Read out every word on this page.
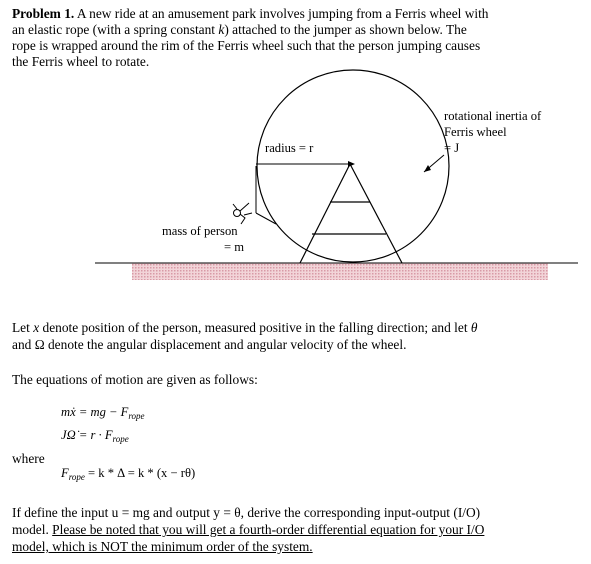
Problem 1. A new ride at an amusement park involves jumping from a Ferris wheel with
an elastic rope (with a spring constant k) attached to the jumper as shown below. The
rope is wrapped around the rim of the Ferris wheel such that the person jumping causes
the Ferris wheel to rotate.
radius = r
rotational inertia of
Ferris wheel
= J
mass of person
= m
Let x denote position of the person, measured positive in the falling direction; and let θ
and Ω denote the angular displacement and angular velocity of the wheel.
The equations of motion are given as follows:
mẋ = mg − $F_{rope}$
JΩ̇ = $r \cdot F_{rope}$
where
$F_{rope} = k * \Delta = k * (x - r\theta)$
If define the input u = mg and output y = θ, derive the corresponding input-output (I/O)
model. Please be noted that you will get a fourth-order differential equation for your I/O
model, which is NOT the minimum order of the system.
